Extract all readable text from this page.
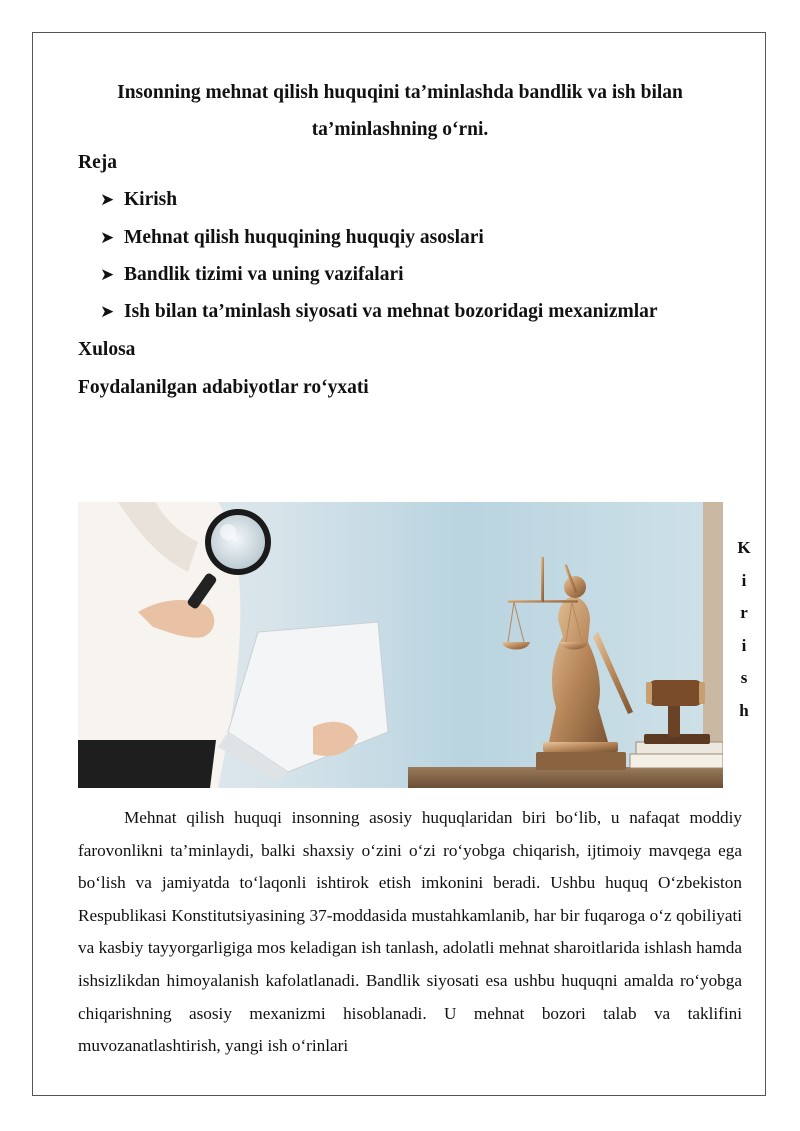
Insonning mehnat qilish huquqini ta’minlashda bandlik va ish bilan ta’minlashning o‘rni.
Reja
➤ Kirish
➤ Mehnat qilish huquqining huquqiy asoslari
➤ Bandlik tizimi va uning vazifalari
➤ Ish bilan ta’minlash siyosati va mehnat bozoridagi mexanizmlar
Xulosa
Foydalanilgan adabiyotlar ro‘yxati
K
i
r
i
s
h

Mehnat qilish huquqi insonning asosiy huquqlaridan biri bo‘lib, u nafaqat moddiy farovonlikni ta’minlaydi, balki shaxsiy o‘zini o‘zi ro‘yobga chiqarish, ijtimoiy mavqega ega bo‘lish va jamiyatda to‘laqonli ishtirok etish imkonini beradi. Ushbu huquq O‘zbekiston Respublikasi Konstitutsiyasining 37-moddasida mustahkamlanib, har bir fuqaroga o‘z qobiliyati va kasbiy tayyorgarligiga mos keladigan ish tanlash, adolatli mehnat sharoitlarida ishlash hamda ishsizlikdan himoyalanish kafolatlanadi. Bandlik siyosati esa ushbu huquqni amalda ro‘yobga chiqarishning asosiy mexanizmi hisoblanadi. U mehnat bozori talab va taklifini muvozanatlashtirish, yangi ish o‘rinlari
